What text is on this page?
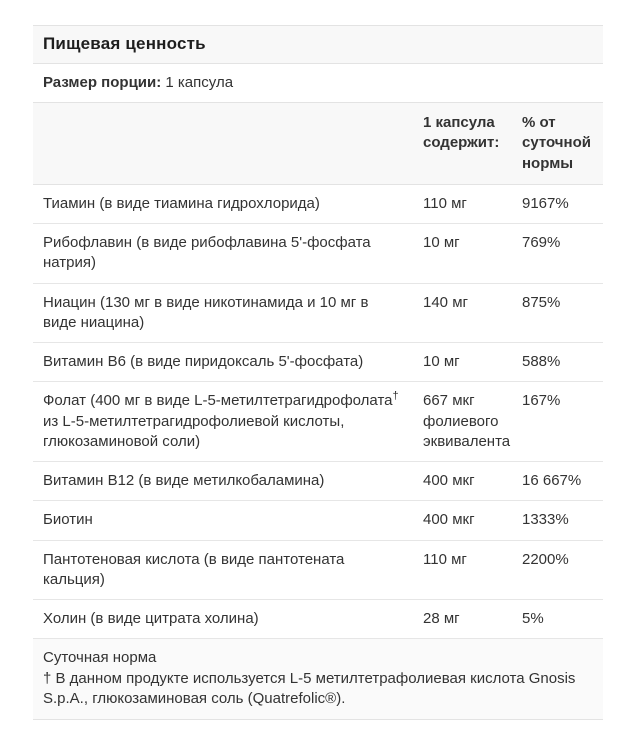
Пищевая ценность		
Размер порции: 1 капсула		
	1 капсула содержит:	% от суточной нормы
Тиамин (в виде тиамина гидрохлорида)	110 мг	9167%
Рибофлавин (в виде рибофлавина 5'-фосфата натрия)	10 мг	769%
Ниацин (130 мг в виде никотинамида и 10 мг в виде ниацина)	140 мг	875%
Витамин B6 (в виде пиридоксаль 5'-фосфата)	10 мг	588%
Фолат (400 мг в виде L-5-метилтетрагидрофолата† из L-5-метилтетрагидрофолиевой кислоты, глюкозаминовой соли)	667 мкг фолиевого эквивалента	167%
Витамин B12 (в виде метилкобаламина)	400 мкг	16 667%
Биотин	400 мкг	1333%
Пантотеновая кислота (в виде пантотената кальция)	110 мг	2200%
Холин (в виде цитрата холина)	28 мг	5%

Суточная норма
† В данном продукте используется L-5 метилтетрафолиевая кислота Gnosis S.p.A., глюкозаминовая соль (Quatrefolic®).		
